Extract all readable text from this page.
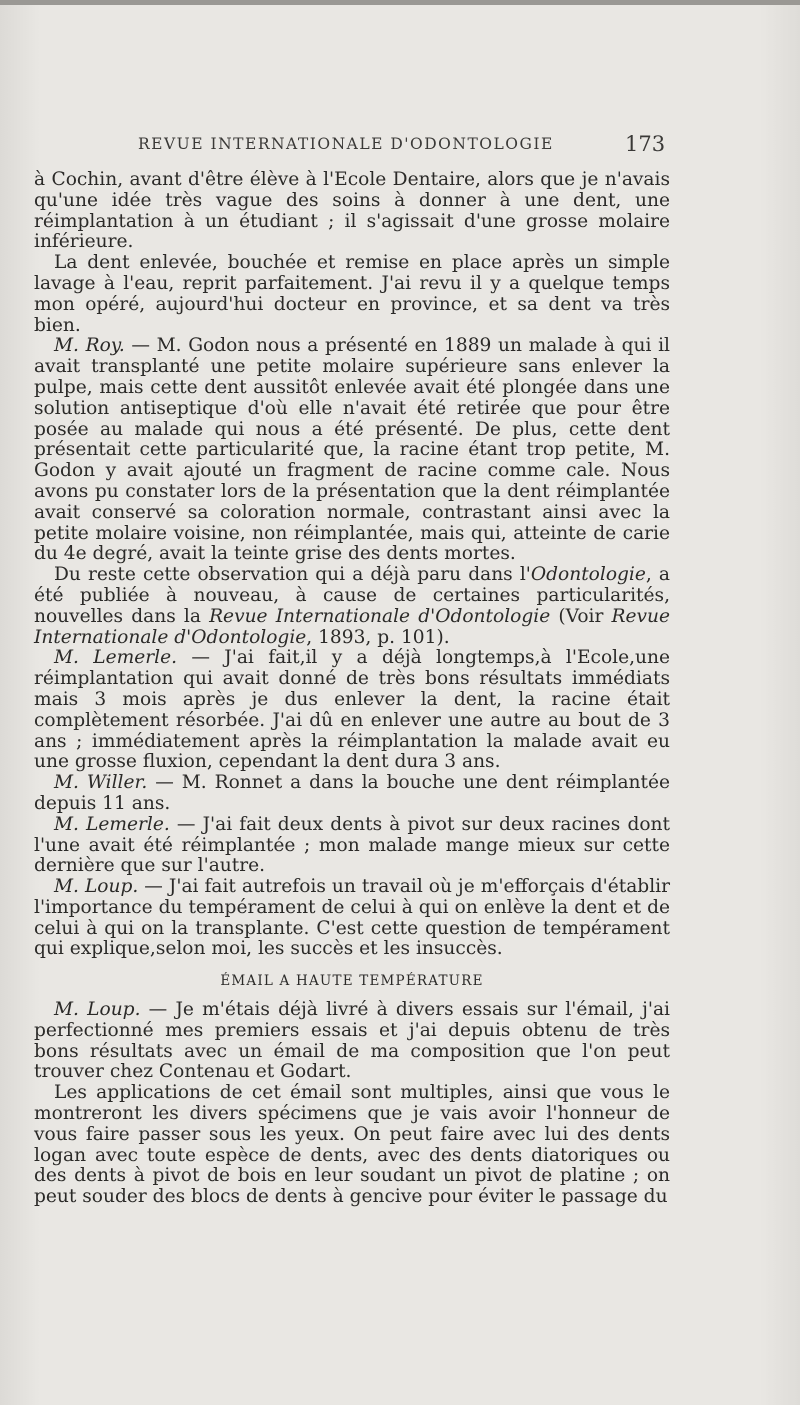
REVUE INTERNATIONALE D'ODONTOLOGIE	173

à Cochin, avant d'être élève à l'Ecole Dentaire, alors que je n'avais qu'une idée très vague des soins à donner à une dent, une réimplantation à un étudiant ; il s'agissait d'une grosse molaire inférieure.

La dent enlevée, bouchée et remise en place après un simple lavage à l'eau, reprit parfaitement. J'ai revu il y a quelque temps mon opéré, aujourd'hui docteur en province, et sa dent va très bien.

M. Roy. — M. Godon nous a présenté en 1889 un malade à qui il avait transplanté une petite molaire supérieure sans enlever la pulpe, mais cette dent aussitôt enlevée avait été plongée dans une solution antiseptique d'où elle n'avait été retirée que pour être posée au malade qui nous a été présenté. De plus, cette dent présentait cette particularité que, la racine étant trop petite, M. Godon y avait ajouté un fragment de racine comme cale. Nous avons pu constater lors de la présentation que la dent réimplantée avait conservé sa coloration normale, contrastant ainsi avec la petite molaire voisine, non réimplantée, mais qui, atteinte de carie du 4e degré, avait la teinte grise des dents mortes.

Du reste cette observation qui a déjà paru dans l'Odontologie, a été publiée à nouveau, à cause de certaines particularités, nouvelles dans la Revue Internationale d'Odontologie (Voir Revue Internationale d'Odontologie, 1893, p. 101).

M. Lemerle. — J'ai fait,il y a déjà longtemps,à l'Ecole,une réimplantation qui avait donné de très bons résultats immédiats mais 3 mois après je dus enlever la dent, la racine était complètement résorbée. J'ai dû en enlever une autre au bout de 3 ans ; immédiatement après la réimplantation la malade avait eu une grosse fluxion, cependant la dent dura 3 ans.

M. Willer. — M. Ronnet a dans la bouche une dent réimplantée depuis 11 ans.

M. Lemerle. — J'ai fait deux dents à pivot sur deux racines dont l'une avait été réimplantée ; mon malade mange mieux sur cette dernière que sur l'autre.

M. Loup. — J'ai fait autrefois un travail où je m'efforçais d'établir l'importance du tempérament de celui à qui on enlève la dent et de celui à qui on la transplante. C'est cette question de tempérament qui explique,selon moi, les succès et les insuccès.

ÉMAIL A HAUTE TEMPÉRATURE

M. Loup. — Je m'étais déjà livré à divers essais sur l'émail, j'ai perfectionné mes premiers essais et j'ai depuis obtenu de très bons résultats avec un émail de ma composition que l'on peut trouver chez Contenau et Godart.

Les applications de cet émail sont multiples, ainsi que vous le montreront les divers spécimens que je vais avoir l'honneur de vous faire passer sous les yeux. On peut faire avec lui des dents logan avec toute espèce de dents, avec des dents diatoriques ou des dents à pivot de bois en leur soudant un pivot de platine ; on peut souder des blocs de dents à gencive pour éviter le passage du
